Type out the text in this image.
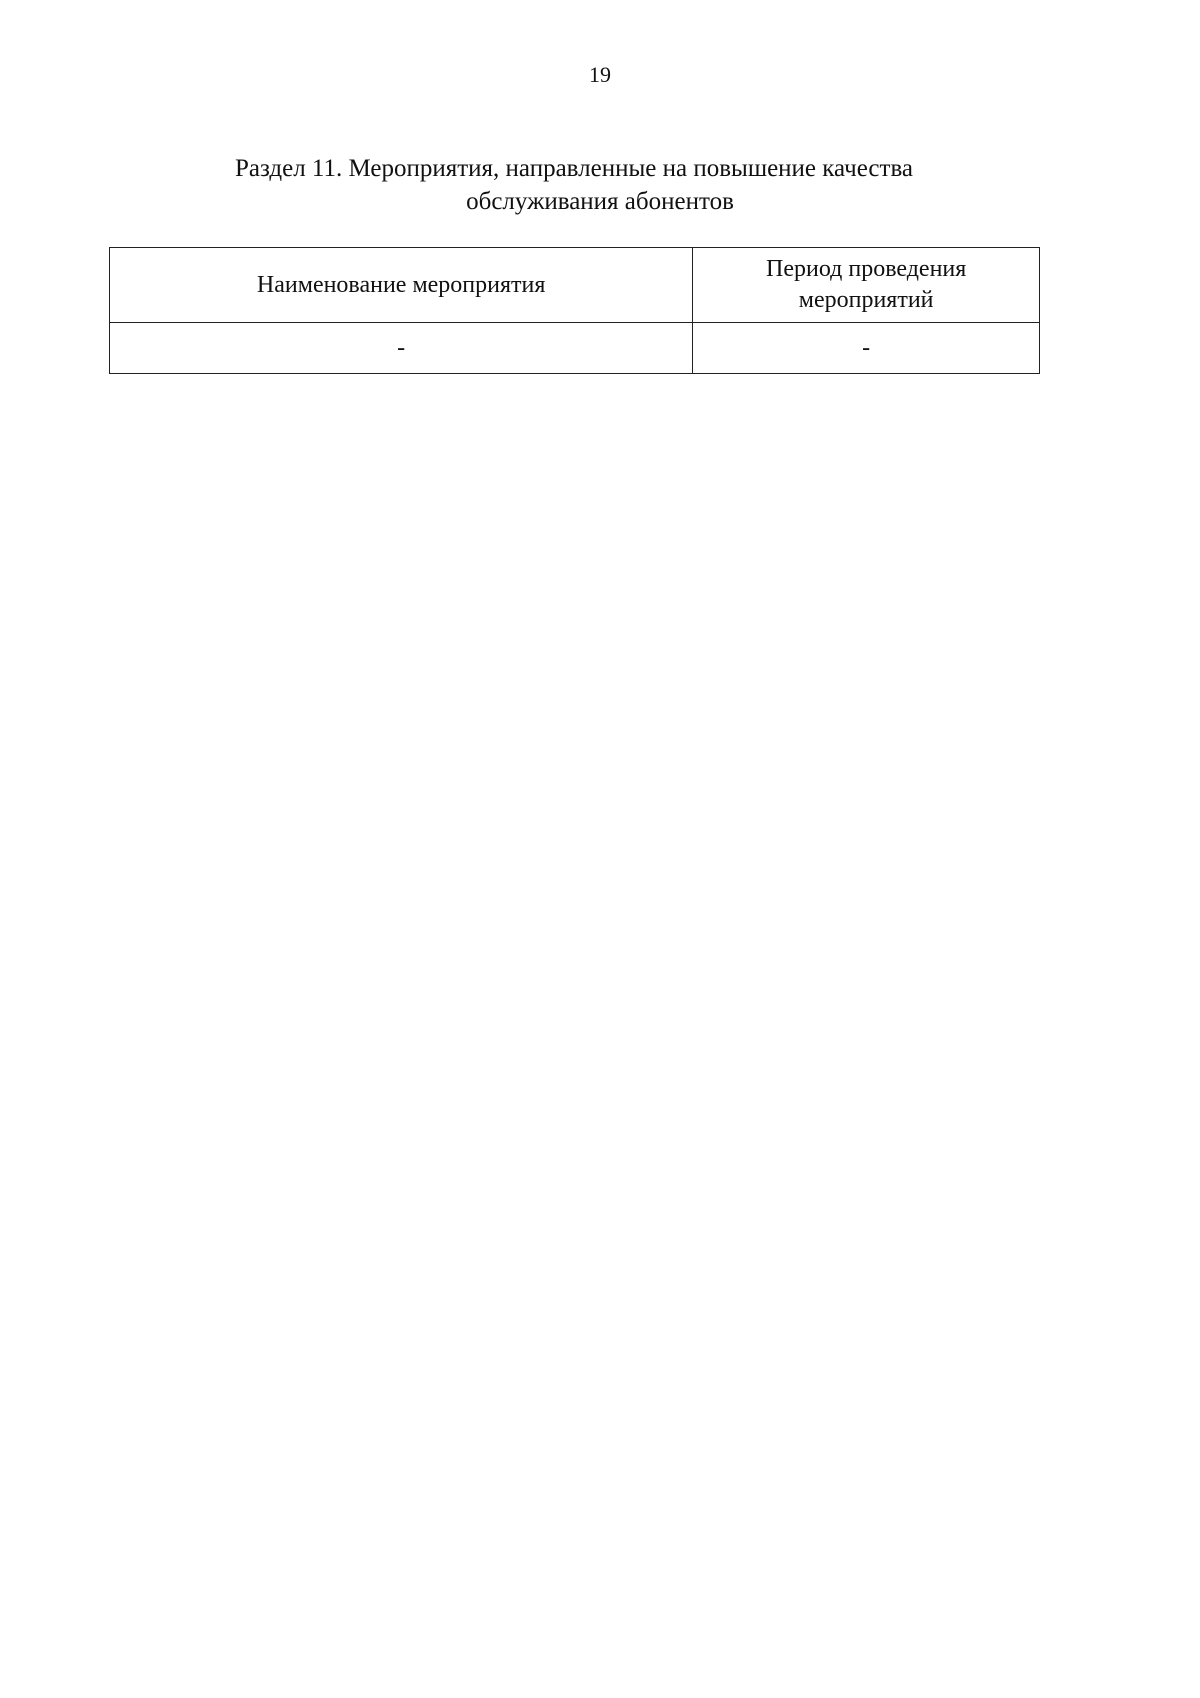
19
Раздел 11. Мероприятия, направленные на повышение качества
обслуживания абонентов
Наименование мероприятия	Период проведения
мероприятий

-	-
